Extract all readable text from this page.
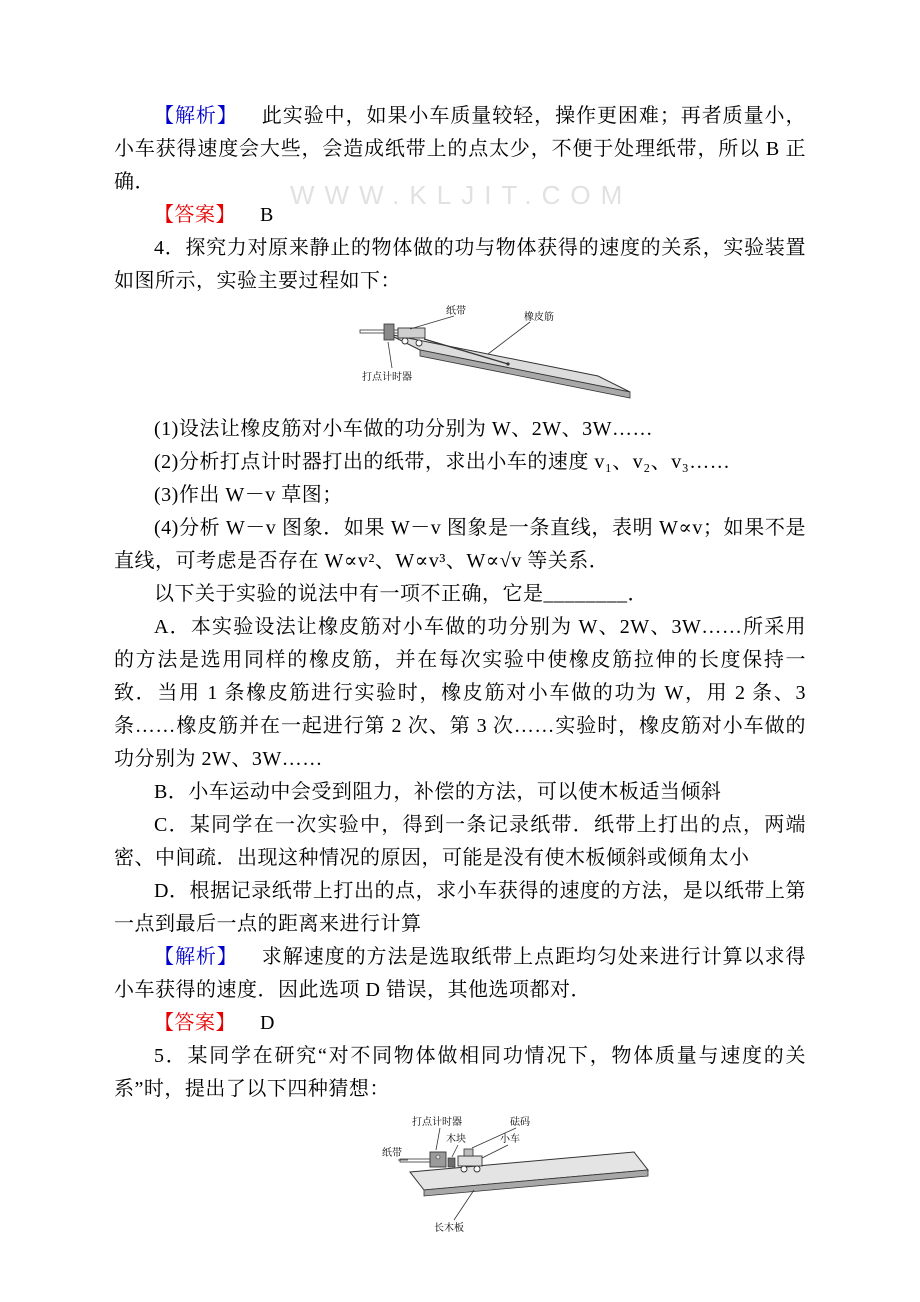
WWW.KLJIT.COM

【解析】 此实验中，如果小车质量较轻，操作更困难；再者质量小，小车获得速度会大些，会造成纸带上的点太少，不便于处理纸带，所以 B 正确．

【答案】 B

4．探究力对原来静止的物体做的功与物体获得的速度的关系，实验装置如图所示，实验主要过程如下：

纸带
橡皮筋
打点计时器

(1)设法让橡皮筋对小车做的功分别为 W、2W、3W……

(2)分析打点计时器打出的纸带，求出小车的速度 v₁、v₂、v₃……

(3)作出 W－v 草图；

(4)分析 W－v 图象．如果 W－v 图象是一条直线，表明 W∝v；如果不是直线，可考虑是否存在 W∝v²、W∝v³、W∝√v 等关系．

以下关于实验的说法中有一项不正确，它是________．

A．本实验设法让橡皮筋对小车做的功分别为 W、2W、3W……所采用的方法是选用同样的橡皮筋，并在每次实验中使橡皮筋拉伸的长度保持一致．当用 1 条橡皮筋进行实验时，橡皮筋对小车做的功为 W，用 2 条、3 条……橡皮筋并在一起进行第 2 次、第 3 次……实验时，橡皮筋对小车做的功分别为 2W、3W……

B．小车运动中会受到阻力，补偿的方法，可以使木板适当倾斜

C．某同学在一次实验中，得到一条记录纸带．纸带上打出的点，两端密、中间疏．出现这种情况的原因，可能是没有使木板倾斜或倾角太小

D．根据记录纸带上打出的点，求小车获得的速度的方法，是以纸带上第一点到最后一点的距离来进行计算

【解析】 求解速度的方法是选取纸带上点距均匀处来进行计算以求得小车获得的速度．因此选项 D 错误，其他选项都对．

【答案】 D

5．某同学在研究“对不同物体做相同功情况下，物体质量与速度的关系”时，提出了以下四种猜想：

打点计时器	砝码
木块	小车
纸带
长木板
